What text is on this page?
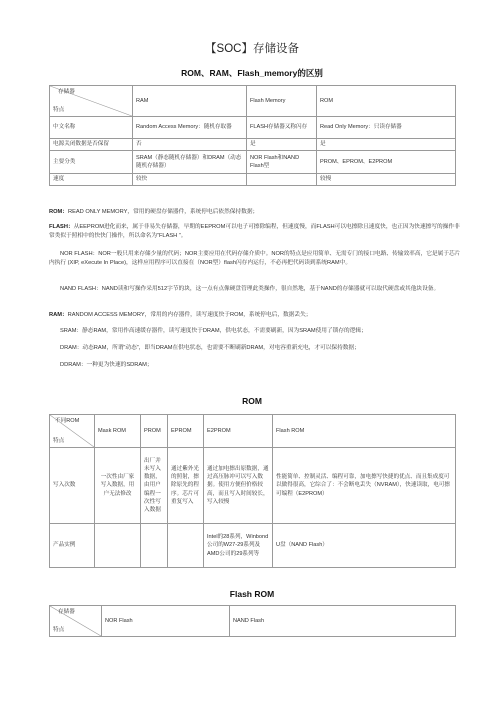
【SOC】存储设备
ROM、RAM、Flash_memory的区别
存储器
特点	RAM	Flash Memory	ROM
中文名称	Random Access Memory：随机存取器	FLASH存储器又称闪存	Read Only Memory：只读存储器
电源关闭数据是否保留	否	是	是
主要分类	SRAM（静态随机存储器）和DRAM（动态随机存储器）	NOR Flash和NAND Flash型	PROM、EPROM、E2PROM
速度	较快		较慢

ROM：READ ONLY MEMORY，常用的硬盘存储器件，系统停电后依然保持数据；

FLASH：从EEPROM进化而来，属于非易失存储器，早期的EEPROM可以电子可擦除编程，但速度慢，而FLASH可以电擦除且速度快，也正因为快速擦写的操作非常类似于照相中的快快门操作，所以命名为“FLASH ”。

NOR FLASH：NOR一般只用来存储少量的代码；NOR主要应用在代码存储介质中。NOR的特点是应用简单、无需专门的接口电路、传输效率高，它是属于芯片内执行 (XIP, eXecute In Place)，这样应用程序可以直接在（NOR型）flash闪存内运行，不必再把代码读到系统RAM中。

NAND FLASH：NAND读和写操作采用512字节的块，这一点有点像硬盘管理此类操作，很自然地，基于NAND的存储器就可以取代硬盘或其他块设备。

RAM：RANDOM ACCESS MEMORY，常用的内存器件，读写速度快于ROM，系统停电后，数据丢失；

SRAM：静态RAM，常用作高速缓存器件，读写速度快于DRAM，供电状态，不需要刷新，因为SRAM使用了锁存的逻辑；

DRAM：动态RAM，所谓“动态”，即当DRAM在供电状态，也需要不断刷新DRAM，对电容重新充电，才可以保持数据；

DDRAM：一种更为快速的SDRAM；

ROM
不同ROM
特点	Mask ROM	PROM	EPROM	E2PROM	Flash ROM
写入次数	一次性由厂家写入数据，用户无法修改	出厂并未写入数据，由用户编程一次性写入数据	通过紫外光的照射，擦除原先的程序。芯片可重复写入	通过加电擦出原数据，通过高压脉冲可以写入数据。使用方便但价格较高，而且写入时间较长，写入较慢	性能简单、控制灵活、编程可靠，加电擦写快捷的优点、而且集成度可以做得很高，它综合了：不会断电丢失（NVRAM），快速读取，电可擦可编程（E2PROM）
产品实例				Intel的28系列，Winbond公司的W27-29系列及AMD公司的29系列等	U盘（NAND Flash）
Flash ROM
存储器
特点
	NOR Flash	NAND Flash
